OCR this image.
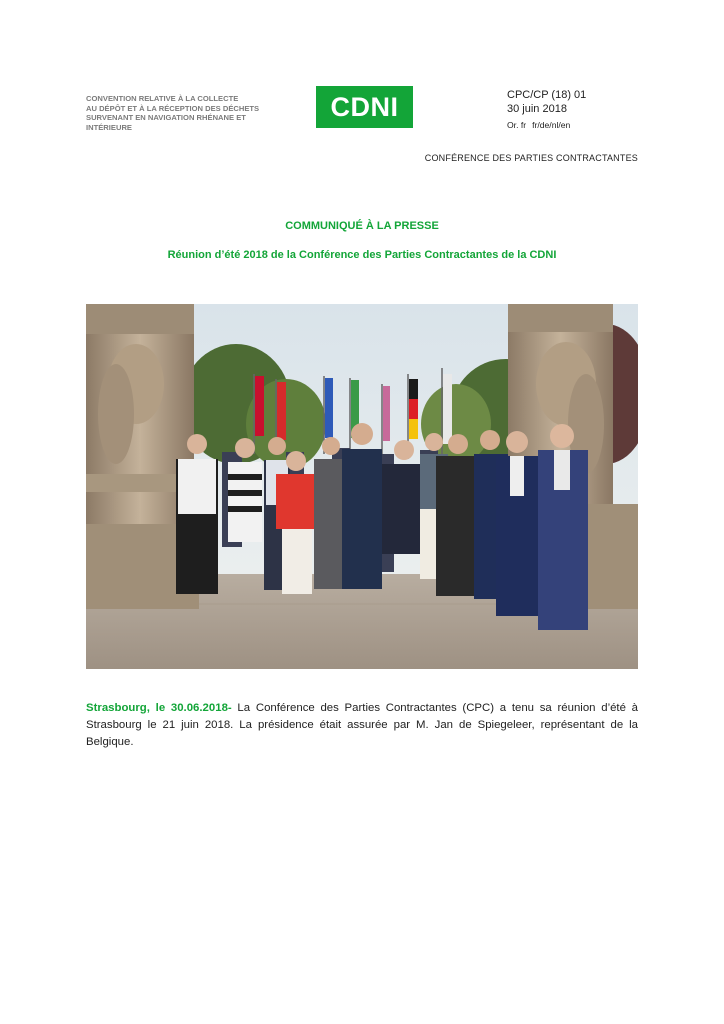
CONVENTION RELATIVE À LA COLLECTE
AU DÉPÔT ET À LA RÉCEPTION DES DÉCHETS
SURVENANT EN NAVIGATION RHÉNANE ET
INTÉRIEURE
CDNI	CPC/CP (18) 01
30 juin 2018
Or. fr fr/de/nl/en
CONFÉRENCE DES PARTIES CONTRACTANTES
COMMUNIQUÉ À LA PRESSE
Réunion d’été 2018 de la Conférence des Parties Contractantes de la CDNI
Strasbourg, le 30.06.2018- La Conférence des Parties Contractantes (CPC) a tenu sa réunion d’été à Strasbourg le 21 juin 2018. La présidence était assurée par M. Jan de Spiegeleer, représentant de la Belgique.
